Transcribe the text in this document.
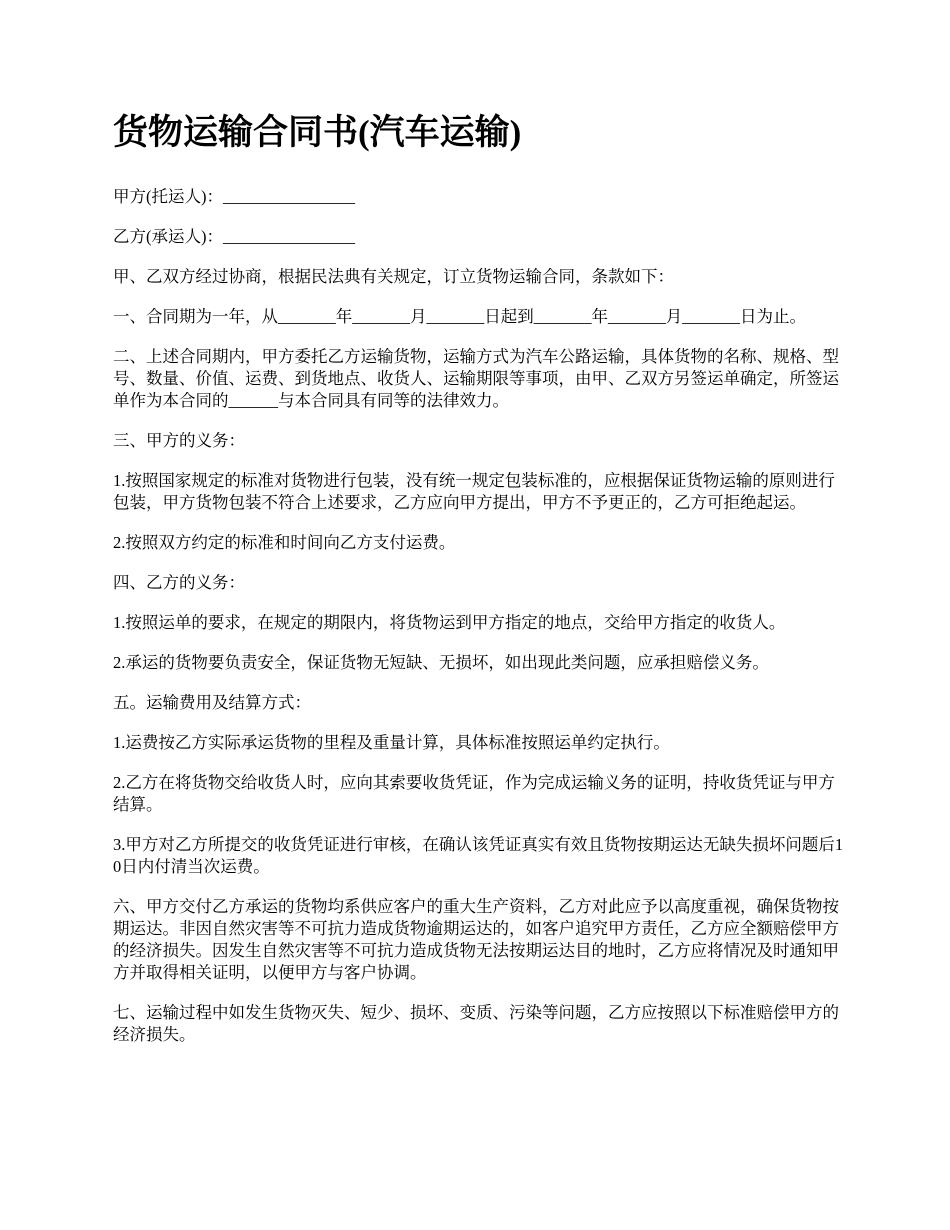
货物运输合同书(汽车运输)

甲方(托运人)：________________

乙方(承运人)：________________

甲、乙双方经过协商，根据民法典有关规定，订立货物运输合同，条款如下：

一、合同期为一年，从_______年_______月_______日起到_______年_______月_______日为止。

二、上述合同期内，甲方委托乙方运输货物，运输方式为汽车公路运输，具体货物的名称、规格、型号、数量、价值、运费、到货地点、收货人、运输期限等事项，由甲、乙双方另签运单确定，所签运单作为本合同的______与本合同具有同等的法律效力。

三、甲方的义务：

1.按照国家规定的标准对货物进行包装，没有统一规定包装标准的，应根据保证货物运输的原则进行包装，甲方货物包装不符合上述要求，乙方应向甲方提出，甲方不予更正的，乙方可拒绝起运。

2.按照双方约定的标准和时间向乙方支付运费。

四、乙方的义务：

1.按照运单的要求，在规定的期限内，将货物运到甲方指定的地点，交给甲方指定的收货人。

2.承运的货物要负责安全，保证货物无短缺、无损坏，如出现此类问题，应承担赔偿义务。

五。运输费用及结算方式：

1.运费按乙方实际承运货物的里程及重量计算，具体标准按照运单约定执行。

2.乙方在将货物交给收货人时，应向其索要收货凭证，作为完成运输义务的证明，持收货凭证与甲方结算。

3.甲方对乙方所提交的收货凭证进行审核，在确认该凭证真实有效且货物按期运达无缺失损坏问题后10日内付清当次运费。

六、甲方交付乙方承运的货物均系供应客户的重大生产资料，乙方对此应予以高度重视，确保货物按期运达。非因自然灾害等不可抗力造成货物逾期运达的，如客户追究甲方责任，乙方应全额赔偿甲方的经济损失。因发生自然灾害等不可抗力造成货物无法按期运达目的地时，乙方应将情况及时通知甲方并取得相关证明，以便甲方与客户协调。

七、运输过程中如发生货物灭失、短少、损坏、变质、污染等问题，乙方应按照以下标准赔偿甲方的经济损失。
